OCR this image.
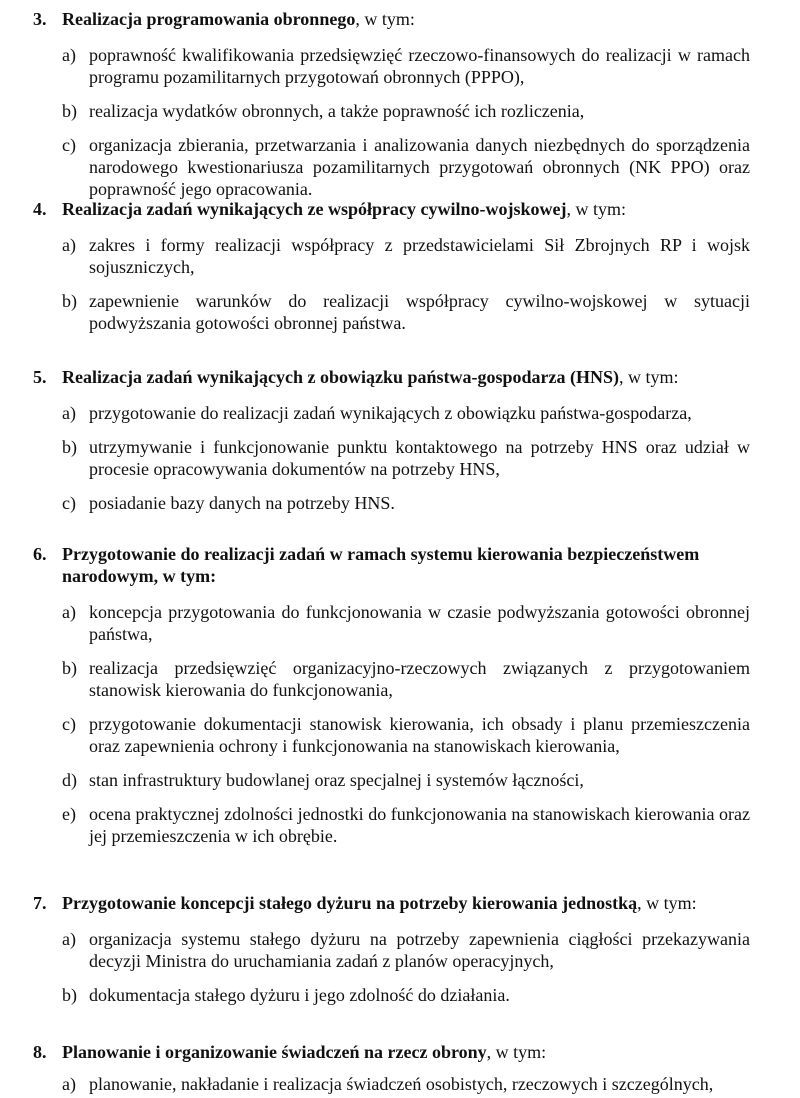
3. Realizacja programowania obronnego, w tym:
a) poprawność kwalifikowania przedsięwzięć rzeczowo-finansowych do realizacji w ramach programu pozamilitarnych przygotowań obronnych (PPPO),
b) realizacja wydatków obronnych, a także poprawność ich rozliczenia,
c) organizacja zbierania, przetwarzania i analizowania danych niezbędnych do sporządzenia narodowego kwestionariusza pozamilitarnych przygotowań obronnych (NK PPO) oraz poprawność jego opracowania.
4. Realizacja zadań wynikających ze współpracy cywilno-wojskowej, w tym:
a) zakres i formy realizacji współpracy z przedstawicielami Sił Zbrojnych RP i wojsk sojuszniczych,
b) zapewnienie warunków do realizacji współpracy cywilno-wojskowej w sytuacji podwyższania gotowości obronnej państwa.
5. Realizacja zadań wynikających z obowiązku państwa-gospodarza (HNS), w tym:
a) przygotowanie do realizacji zadań wynikających z obowiązku państwa-gospodarza,
b) utrzymywanie i funkcjonowanie punktu kontaktowego na potrzeby HNS oraz udział w procesie opracowywania dokumentów na potrzeby HNS,
c) posiadanie bazy danych na potrzeby HNS.
6. Przygotowanie do realizacji zadań w ramach systemu kierowania bezpieczeństwem narodowym, w tym:
a) koncepcja przygotowania do funkcjonowania w czasie podwyższania gotowości obronnej państwa,
b) realizacja przedsięwzięć organizacyjno-rzeczowych związanych z przygotowaniem stanowisk kierowania do funkcjonowania,
c) przygotowanie dokumentacji stanowisk kierowania, ich obsady i planu przemieszczenia oraz zapewnienia ochrony i funkcjonowania na stanowiskach kierowania,
d) stan infrastruktury budowlanej oraz specjalnej i systemów łączności,
e) ocena praktycznej zdolności jednostki do funkcjonowania na stanowiskach kierowania oraz jej przemieszczenia w ich obrębie.
7. Przygotowanie koncepcji stałego dyżuru na potrzeby kierowania jednostką, w tym:
a) organizacja systemu stałego dyżuru na potrzeby zapewnienia ciągłości przekazywania decyzji Ministra do uruchamiania zadań z planów operacyjnych,
b) dokumentacja stałego dyżuru i jego zdolność do działania.
8. Planowanie i organizowanie świadczeń na rzecz obrony, w tym:
a) planowanie, nakładanie i realizacja świadczeń osobistych, rzeczowych i szczególnych,
